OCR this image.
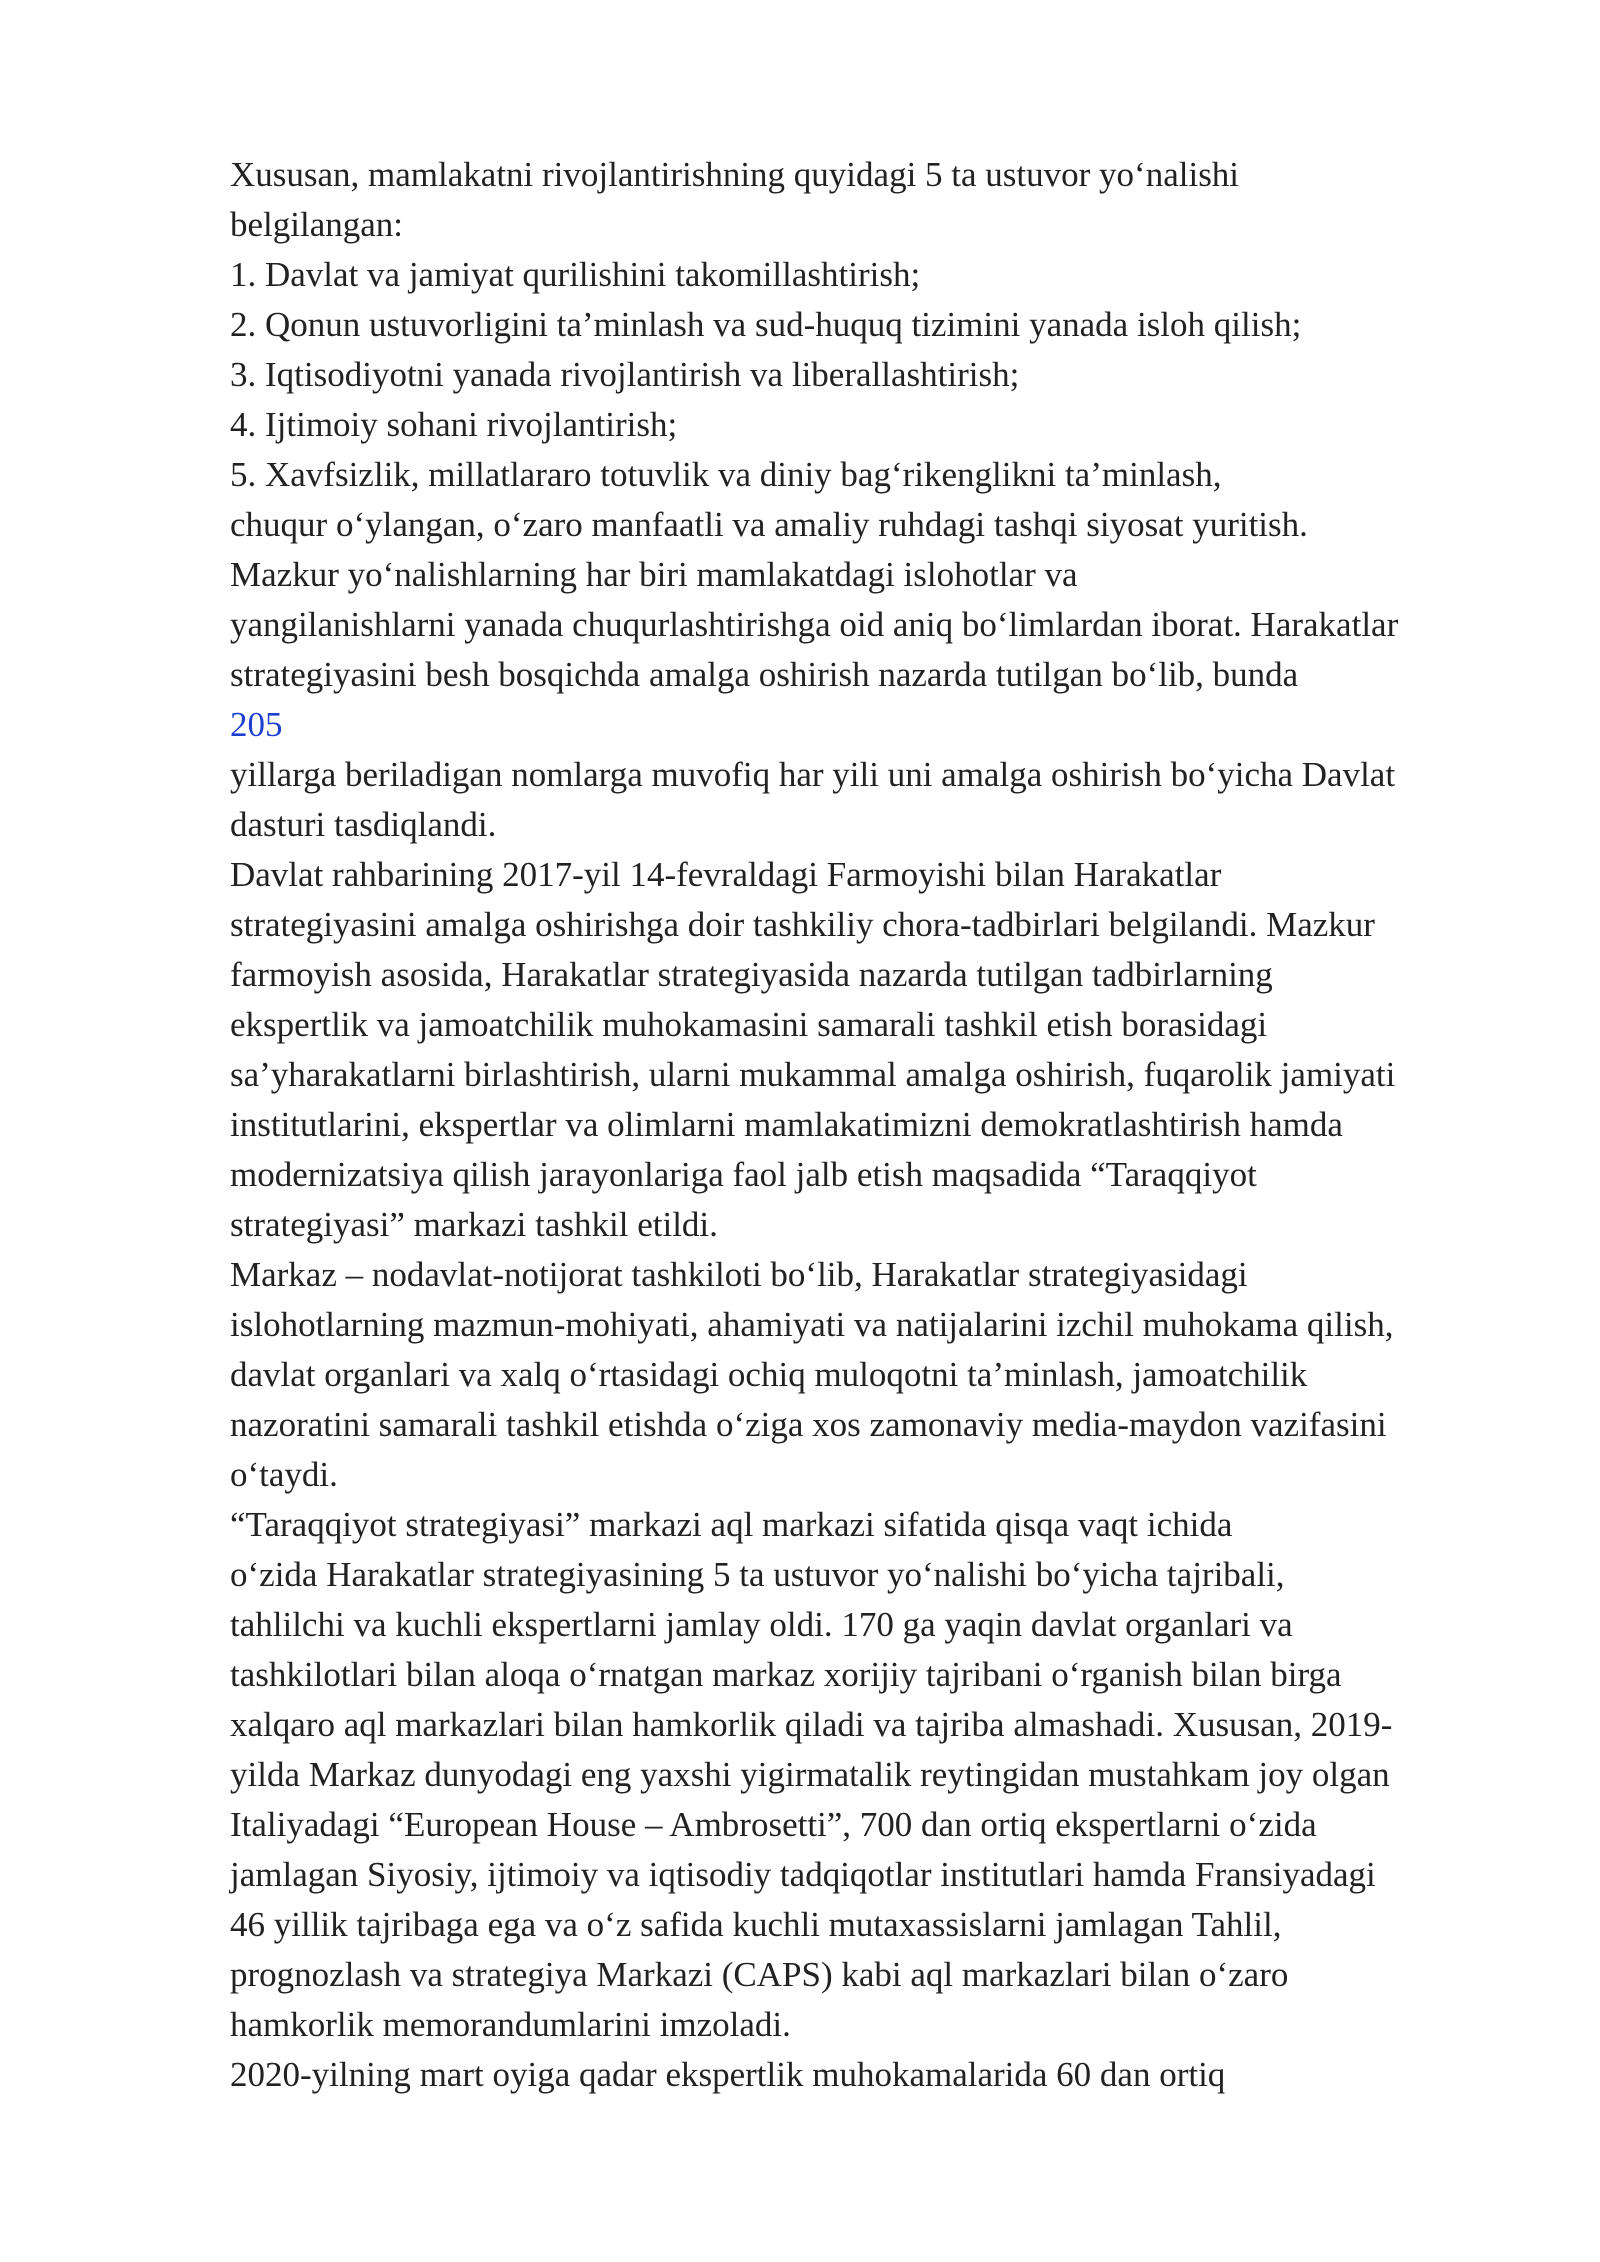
Xususan, mamlakatni rivojlantirishning quyidagi 5 ta ustuvor yo‘nalishi
belgilangan:
1. Davlat va jamiyat qurilishini takomillashtirish;
2. Qonun ustuvorligini ta’minlash va sud-huquq tizimini yanada isloh qilish;
3. Iqtisodiyotni yanada rivojlantirish va liberallashtirish;
4. Ijtimoiy sohani rivojlantirish;
5. Xavfsizlik, millatlararo totuvlik va diniy bag‘rikenglikni ta’minlash,
chuqur o‘ylangan, o‘zaro manfaatli va amaliy ruhdagi tashqi siyosat yuritish.
Mazkur yo‘nalishlarning har biri mamlakatdagi islohotlar va
yangilanishlarni yanada chuqurlashtirishga oid aniq bo‘limlardan iborat. Harakatlar
strategiyasini besh bosqichda amalga oshirish nazarda tutilgan bo‘lib, bunda
205
yillarga beriladigan nomlarga muvofiq har yili uni amalga oshirish bo‘yicha Davlat
dasturi tasdiqlandi.
Davlat rahbarining 2017-yil 14-fevraldagi Farmoyishi bilan Harakatlar
strategiyasini amalga oshirishga doir tashkiliy chora-tadbirlari belgilandi. Mazkur
farmoyish asosida, Harakatlar strategiyasida nazarda tutilgan tadbirlarning
ekspertlik va jamoatchilik muhokamasini samarali tashkil etish borasidagi
sa’yharakatlarni birlashtirish, ularni mukammal amalga oshirish, fuqarolik jamiyati
institutlarini, ekspertlar va olimlarni mamlakatimizni demokratlashtirish hamda
modernizatsiya qilish jarayonlariga faol jalb etish maqsadida “Taraqqiyot
strategiyasi” markazi tashkil etildi.
Markaz – nodavlat-notijorat tashkiloti bo‘lib, Harakatlar strategiyasidagi
islohotlarning mazmun-mohiyati, ahamiyati va natijalarini izchil muhokama qilish,
davlat organlari va xalq o‘rtasidagi ochiq muloqotni ta’minlash, jamoatchilik
nazoratini samarali tashkil etishda o‘ziga xos zamonaviy media-maydon vazifasini
o‘taydi.
“Taraqqiyot strategiyasi” markazi aql markazi sifatida qisqa vaqt ichida
o‘zida Harakatlar strategiyasining 5 ta ustuvor yo‘nalishi bo‘yicha tajribali,
tahlilchi va kuchli ekspertlarni jamlay oldi. 170 ga yaqin davlat organlari va
tashkilotlari bilan aloqa o‘rnatgan markaz xorijiy tajribani o‘rganish bilan birga
xalqaro aql markazlari bilan hamkorlik qiladi va tajriba almashadi. Xususan, 2019-
yilda Markaz dunyodagi eng yaxshi yigirmatalik reytingidan mustahkam joy olgan
Italiyadagi “European House – Ambrosetti”, 700 dan ortiq ekspertlarni o‘zida
jamlagan Siyosiy, ijtimoiy va iqtisodiy tadqiqotlar institutlari hamda Fransiyadagi
46 yillik tajribaga ega va o‘z safida kuchli mutaxassislarni jamlagan Tahlil,
prognozlash va strategiya Markazi (CAPS) kabi aql markazlari bilan o‘zaro
hamkorlik memorandumlarini imzoladi.
2020-yilning mart oyiga qadar ekspertlik muhokamalarida 60 dan ortiq
